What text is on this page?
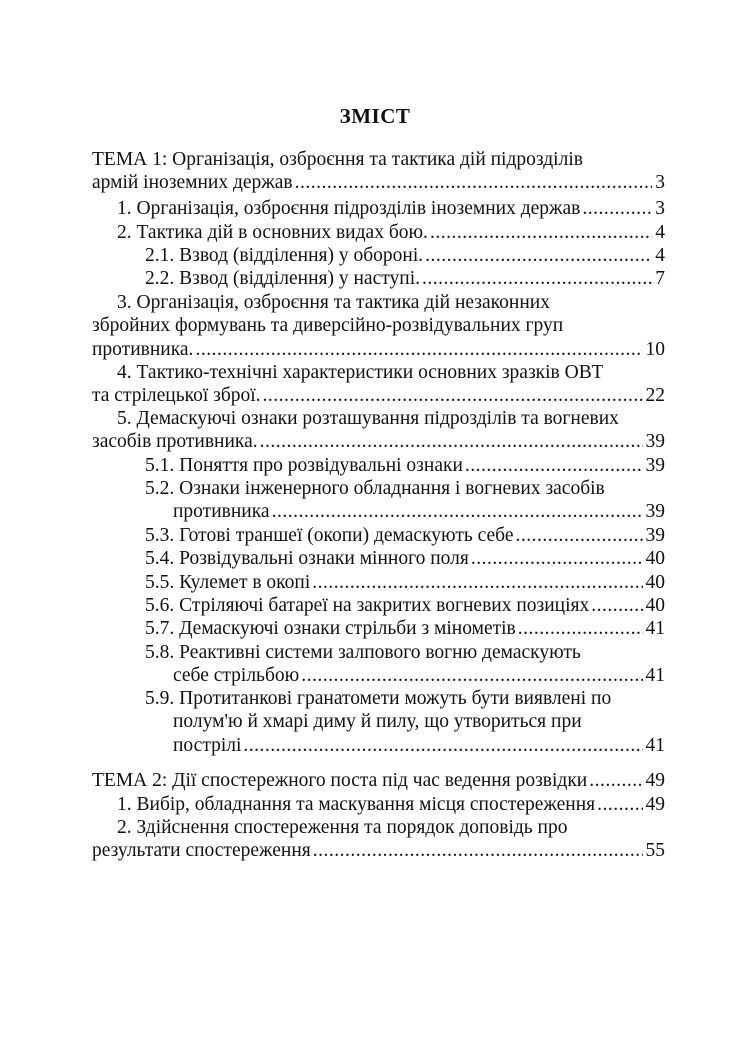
ЗМІСТ
ТЕМА 1: Організація, озброєння та тактика дій підрозділів
армій іноземних держав .....	3
1. Організація, озброєння підрозділів іноземних держав .....	3
2. Тактика дій в основних видах бою. .....	4
2.1. Взвод (відділення) у обороні. .....	4
2.2. Взвод (відділення) у наступі. .....	7
3. Організація, озброєння та тактика дій незаконних
збройних формувань та диверсійно-розвідувальних груп
противника. .....	10
4. Тактико-технічні характеристики основних зразків ОВТ
та стрілецької зброї. .....	22
5. Демаскуючі ознаки розташування підрозділів та вогневих
засобів противника. .....	39
5.1. Поняття про розвідувальні ознаки .....	39
5.2. Ознаки інженерного обладнання і вогневих засобів
противника .....	39
5.3. Готові траншеї (окопи) демаскують себе .....	39
5.4. Розвідувальні ознаки мінного поля .....	40
5.5. Кулемет в окопі .....	40
5.6. Стріляючі батареї на закритих вогневих позиціях .....	40
5.7. Демаскуючі ознаки стрільби з мінометів .....	41
5.8. Реактивні системи залпового вогню демаскують
себе стрільбою .....	41
5.9. Протитанкові гранатомети можуть бути виявлені по
полум'ю й хмарі диму й пилу, що утвориться при
пострілі .....	41
ТЕМА 2: Дії спостережного поста під час ведення розвідки .....	49
1. Вибір, обладнання та маскування місця спостереження .....	49
2. Здійснення спостереження та порядок доповідь про
результати спостереження .....	55
